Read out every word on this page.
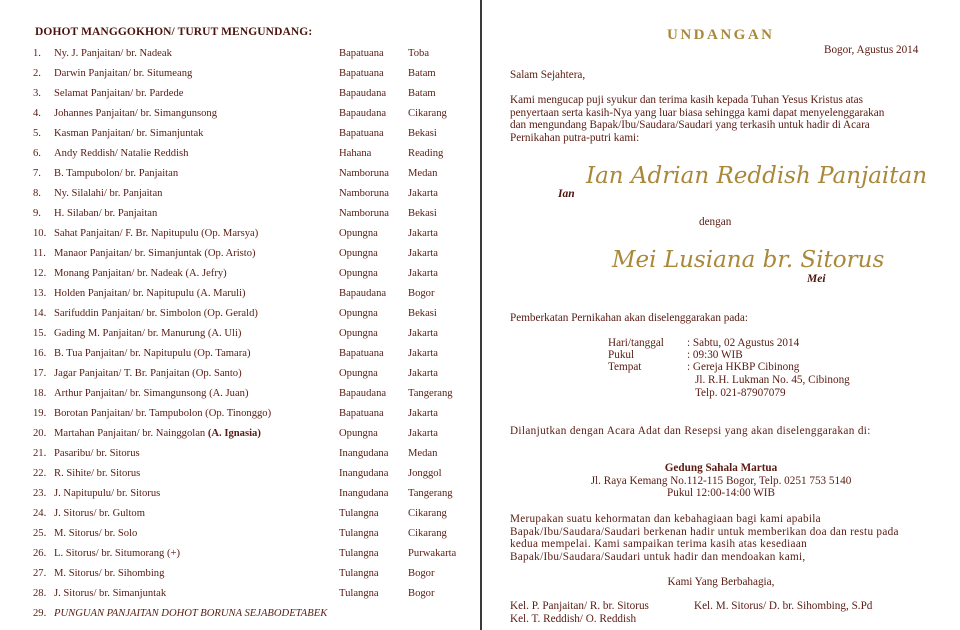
DOHOT MANGGOKHON/ TURUT MENGUNDANG:
1. Ny. J. Panjaitan/ br. Nadeak	Bapatuana Toba
2. Darwin Panjaitan/ br. Situmeang	Bapatuana Batam
3. Selamat Panjaitan/ br. Pardede	Bapaudana Batam
4. Johannes Panjaitan/ br. Simangunsong	Bapaudana Cikarang
5. Kasman Panjaitan/ br. Simanjuntak	Bapatuana Bekasi
6. Andy Reddish/ Natalie Reddish	Hahana	Reading
7. B. Tampubolon/ br. Panjaitan	Namboruna Medan
8. Ny. Silalahi/ br. Panjaitan	Namboruna Jakarta
9. H. Silaban/ br. Panjaitan	Namboruna Bekasi
10. Sahat Panjaitan/ F. Br. Napitupulu (Op. Marsya)	Opungna	Jakarta
11. Manaor Panjaitan/ br. Simanjuntak (Op. Aristo)	Opungna	Jakarta
12. Monang Panjaitan/ br. Nadeak (A. Jefry)	Opungna	Jakarta
13. Holden Panjaitan/ br. Napitupulu (A. Maruli)	Bapaudana Bogor
14. Sarifuddin Panjaitan/ br. Simbolon (Op. Gerald)	Opungna	Bekasi
15. Gading M. Panjaitan/ br. Manurung (A. Uli)	Opungna	Jakarta
16. B. Tua Panjaitan/ br. Napitupulu (Op. Tamara)	Bapatuana Jakarta
17. Jagar Panjaitan/ T. Br. Panjaitan (Op. Santo)	Opungna	Jakarta
18. Arthur Panjaitan/ br. Simangunsong (A. Juan)	Bapaudana Tangerang
19. Borotan Panjaitan/ br. Tampubolon (Op. Tinonggo)	Bapatuana Jakarta
20. Martahan Panjaitan/ br. Nainggolan (A. Ignasia)	Opungna	Jakarta
21. Pasaribu/ br. Sitorus	Inangudana Medan
22. R. Sihite/ br. Sitorus	Inangudana Jonggol
23. J. Napitupulu/ br. Sitorus	Inangudana Tangerang
24. J. Sitorus/ br. Gultom	Tulangna	Cikarang
25. M. Sitorus/ br. Solo	Tulangna	Cikarang
26. L. Sitorus/ br. Situmorang (+)	Tulangna	Purwakarta
27. M. Sitorus/ br. Sihombing	Tulangna	Bogor
28. J. Sitorus/ br. Simanjuntak	Tulangna	Bogor
29. PUNGUAN PANJAITAN DOHOT BORUNA SEJABODETABEK
UNDANGAN
Bogor, Agustus 2014
Salam Sejahtera,
Kami mengucap puji syukur dan terima kasih kepada Tuhan Yesus Kristus atas
penyertaan serta kasih-Nya yang luar biasa sehingga kami dapat menyelenggarakan
dan mengundang Bapak/Ibu/Saudara/Saudari yang terkasih untuk hadir di Acara
Pernikahan putra-putri kami:
Ian Adrian Reddish Panjaitan
Ian
dengan
Mei Lusiana br. Sitorus
Mei
Pemberkatan Pernikahan akan diselenggarakan pada:
Hari/tanggal : Sabtu, 02 Agustus 2014
Pukul	: 09:30 WIB
Tempat	: Gereja HKBP Cibinong
Jl. R.H. Lukman No. 45, Cibinong
Telp. 021-87907079
Dilanjutkan dengan Acara Adat dan Resepsi yang akan diselenggarakan di:
Gedung Sahala Martua
Jl. Raya Kemang No.112-115 Bogor, Telp. 0251 753 5140
Pukul 12:00-14:00 WIB
Merupakan suatu kehormatan dan kebahagiaan bagi kami apabila
Bapak/Ibu/Saudara/Saudari berkenan hadir untuk memberikan doa dan restu pada
kedua mempelai. Kami sampaikan terima kasih atas kesediaan
Bapak/Ibu/Saudara/Saudari untuk hadir dan mendoakan kami,
Kami Yang Berbahagia,
Kel. P. Panjaitan/ R. br. Sitorus	Kel. M. Sitorus/ D. br. Sihombing, S.Pd
Kel. T. Reddish/ O. Reddish
